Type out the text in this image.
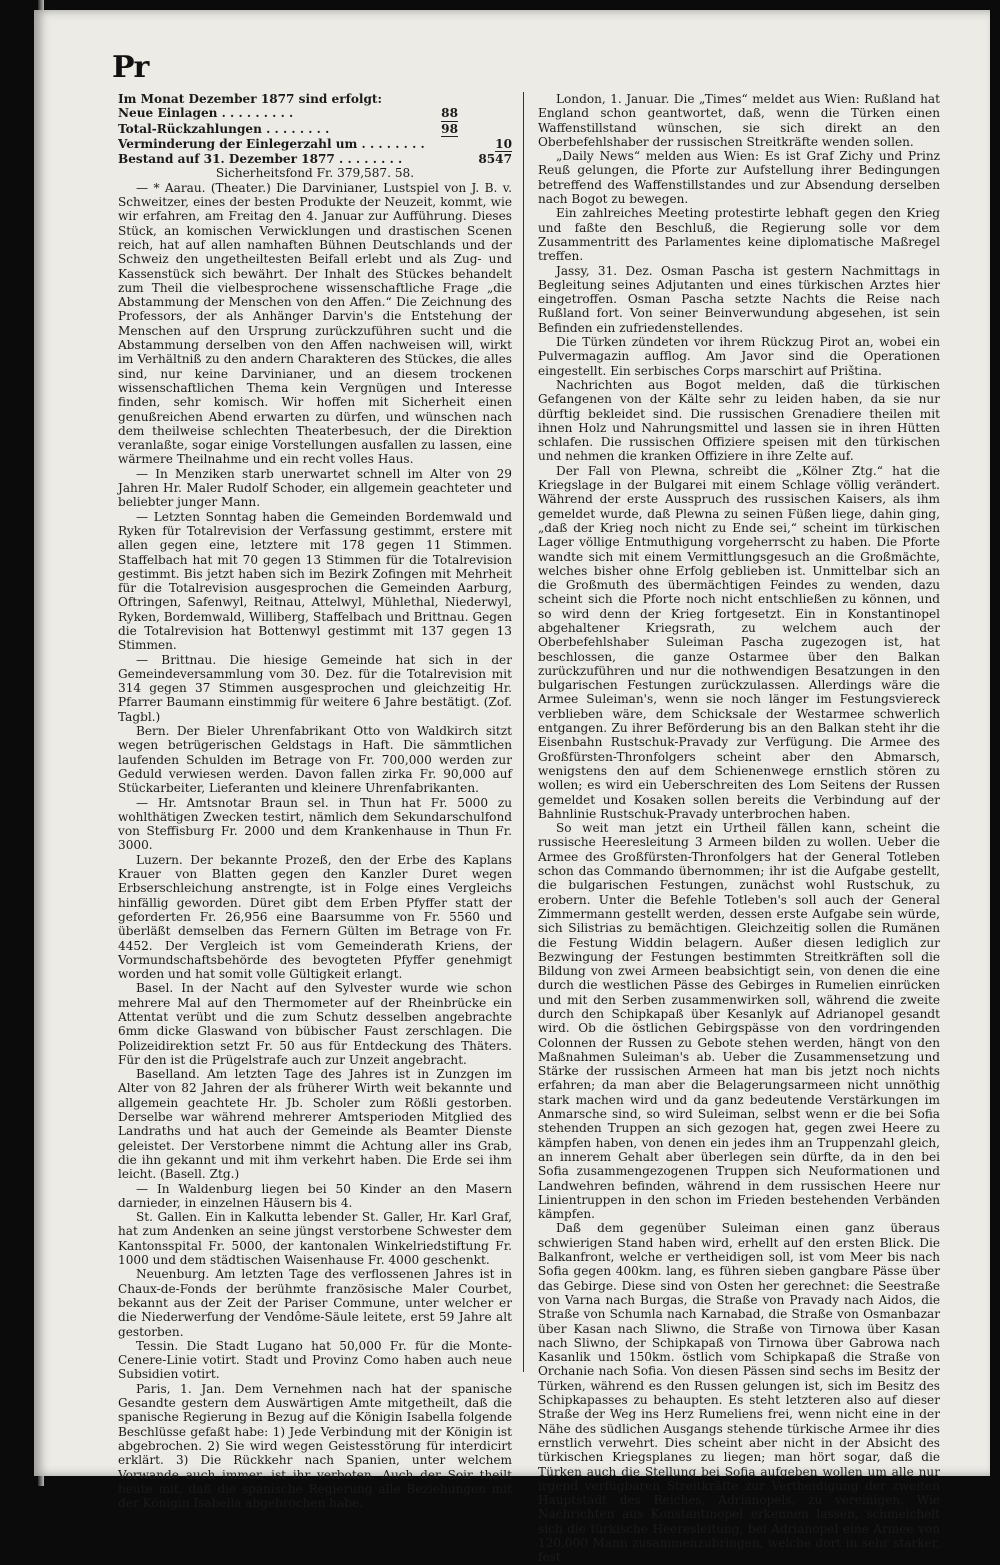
Pr
Im Monat Dezember 1877 sind erfolgt:
Neue Einlagen . . . . . . . . .	88
Total-Rückzahlungen . . . . . . . .	98
Verminderung der Einlegerzahl um . . . . . . . .	10
Bestand auf 31. Dezember 1877 . . . . . . . .	8547
Sicherheitsfond Fr. 379,587. 58.

— * Aarau. (Theater.) Die Darvinianer, Lustspiel von J. B. v. Schweitzer, eines der besten Produkte der Neuzeit, kommt, wie wir erfahren, am Freitag den 4. Januar zur Aufführung. Dieses Stück, an komischen Verwicklungen und drastischen Scenen reich, hat auf allen namhaften Bühnen Deutschlands und der Schweiz den ungetheiltesten Beifall erlebt und als Zug- und Kassenstück sich bewährt. Der Inhalt des Stückes behandelt zum Theil die vielbesprochene wissenschaftliche Frage „die Abstammung der Menschen von den Affen.“ Die Zeichnung des Professors, der als Anhänger Darvin's die Entstehung der Menschen auf den Ursprung zurückzuführen sucht und die Abstammung derselben von den Affen nachweisen will, wirkt im Verhältniß zu den andern Charakteren des Stückes, die alles sind, nur keine Darvinianer, und an diesem trockenen wissenschaftlichen Thema kein Vergnügen und Interesse finden, sehr komisch. Wir hoffen mit Sicherheit einen genußreichen Abend erwarten zu dürfen, und wünschen nach dem theilweise schlechten Theaterbesuch, der die Direktion veranlaßte, sogar einige Vorstellungen ausfallen zu lassen, eine wärmere Theilnahme und ein recht volles Haus.

— In Menziken starb unerwartet schnell im Alter von 29 Jahren Hr. Maler Rudolf Schoder, ein allgemein geachteter und beliebter junger Mann.

— Letzten Sonntag haben die Gemeinden Bordemwald und Ryken für Totalrevision der Verfassung gestimmt, erstere mit allen gegen eine, letztere mit 178 gegen 11 Stimmen. Staffelbach hat mit 70 gegen 13 Stimmen für die Totalrevision gestimmt. Bis jetzt haben sich im Bezirk Zofingen mit Mehrheit für die Totalrevision ausgesprochen die Gemeinden Aarburg, Oftringen, Safenwyl, Reitnau, Attelwyl, Mühlethal, Niederwyl, Ryken, Bordemwald, Williberg, Staffelbach und Brittnau. Gegen die Totalrevision hat Bottenwyl gestimmt mit 137 gegen 13 Stimmen.

— Brittnau. Die hiesige Gemeinde hat sich in der Gemeindeversammlung vom 30. Dez. für die Totalrevision mit 314 gegen 37 Stimmen ausgesprochen und gleichzeitig Hr. Pfarrer Baumann einstimmig für weitere 6 Jahre bestätigt. (Zof. Tagbl.)

Bern. Der Bieler Uhrenfabrikant Otto von Waldkirch sitzt wegen betrügerischen Geldstags in Haft. Die sämmtlichen laufenden Schulden im Betrage von Fr. 700,000 werden zur Geduld verwiesen werden. Davon fallen zirka Fr. 90,000 auf Stückarbeiter, Lieferanten und kleinere Uhrenfabrikanten.

— Hr. Amtsnotar Braun sel. in Thun hat Fr. 5000 zu wohlthätigen Zwecken testirt, nämlich dem Sekundarschulfond von Steffisburg Fr. 2000 und dem Krankenhause in Thun Fr. 3000.

Luzern. Der bekannte Prozeß, den der Erbe des Kaplans Krauer von Blatten gegen den Kanzler Duret wegen Erbserschleichung anstrengte, ist in Folge eines Vergleichs hinfällig geworden. Düret gibt dem Erben Pfyffer statt der geforderten Fr. 26,956 eine Baarsumme von Fr. 5560 und überläßt demselben das Fernern Gülten im Betrage von Fr. 4452. Der Vergleich ist vom Gemeinderath Kriens, der Vormundschaftsbehörde des bevogteten Pfyffer genehmigt worden und hat somit volle Gültigkeit erlangt.

Basel. In der Nacht auf den Sylvester wurde wie schon mehrere Mal auf den Thermometer auf der Rheinbrücke ein Attentat verübt und die zum Schutz desselben angebrachte 6mm dicke Glaswand von bübischer Faust zerschlagen. Die Polizeidirektion setzt Fr. 50 aus für Entdeckung des Thäters. Für den ist die Prügelstrafe auch zur Unzeit angebracht.

Baselland. Am letzten Tage des Jahres ist in Zunzgen im Alter von 82 Jahren der als früherer Wirth weit bekannte und allgemein geachtete Hr. Jb. Scholer zum Rößli gestorben. Derselbe war während mehrerer Amtsperioden Mitglied des Landraths und hat auch der Gemeinde als Beamter Dienste geleistet. Der Verstorbene nimmt die Achtung aller ins Grab, die ihn gekannt und mit ihm verkehrt haben. Die Erde sei ihm leicht. (Basell. Ztg.)

— In Waldenburg liegen bei 50 Kinder an den Masern darnieder, in einzelnen Häusern bis 4.

St. Gallen. Ein in Kalkutta lebender St. Galler, Hr. Karl Graf, hat zum Andenken an seine jüngst verstorbene Schwester dem Kantonsspital Fr. 5000, der kantonalen Winkelriedstiftung Fr. 1000 und dem städtischen Waisenhause Fr. 4000 geschenkt.

Neuenburg. Am letzten Tage des verflossenen Jahres ist in Chaux-de-Fonds der berühmte französische Maler Courbet, bekannt aus der Zeit der Pariser Commune, unter welcher er die Niederwerfung der Vendôme-Säule leitete, erst 59 Jahre alt gestorben.

Tessin. Die Stadt Lugano hat 50,000 Fr. für die Monte-Cenere-Linie votirt. Stadt und Provinz Como haben auch neue Subsidien votirt.

Paris, 1. Jan. Dem Vernehmen nach hat der spanische Gesandte gestern dem Auswärtigen Amte mitgetheilt, daß die spanische Regierung in Bezug auf die Königin Isabella folgende Beschlüsse gefaßt habe: 1) Jede Verbindung mit der Königin ist abgebrochen. 2) Sie wird wegen Geistesstörung für interdicirt erklärt. 3) Die Rückkehr nach Spanien, unter welchem Vorwande auch immer, ist ihr verboten. Auch der Soir theilt heute mit, daß die spanische Regierung alle Beziehungen mit der Königin Isabella abgebrochen habe.

London, 1. Januar. Die „Times“ meldet aus Wien: Rußland hat England schon geantwortet, daß, wenn die Türken einen Waffenstillstand wünschen, sie sich direkt an den Oberbefehlshaber der russischen Streitkräfte wenden sollen.

„Daily News“ melden aus Wien: Es ist Graf Zichy und Prinz Reuß gelungen, die Pforte zur Aufstellung ihrer Bedingungen betreffend des Waffenstillstandes und zur Absendung derselben nach Bogot zu bewegen.

Ein zahlreiches Meeting protestirte lebhaft gegen den Krieg und faßte den Beschluß, die Regierung solle vor dem Zusammentritt des Parlamentes keine diplomatische Maßregel treffen.

Jassy, 31. Dez. Osman Pascha ist gestern Nachmittags in Begleitung seines Adjutanten und eines türkischen Arztes hier eingetroffen. Osman Pascha setzte Nachts die Reise nach Rußland fort. Von seiner Beinverwundung abgesehen, ist sein Befinden ein zufriedenstellendes.

Die Türken zündeten vor ihrem Rückzug Pirot an, wobei ein Pulvermagazin aufflog. Am Javor sind die Operationen eingestellt. Ein serbisches Corps marschirt auf Priština.

Nachrichten aus Bogot melden, daß die türkischen Gefangenen von der Kälte sehr zu leiden haben, da sie nur dürftig bekleidet sind. Die russischen Grenadiere theilen mit ihnen Holz und Nahrungsmittel und lassen sie in ihren Hütten schlafen. Die russischen Offiziere speisen mit den türkischen und nehmen die kranken Offiziere in ihre Zelte auf.

Der Fall von Plewna, schreibt die „Kölner Ztg.“ hat die Kriegslage in der Bulgarei mit einem Schlage völlig verändert. Während der erste Ausspruch des russischen Kaisers, als ihm gemeldet wurde, daß Plewna zu seinen Füßen liege, dahin ging, „daß der Krieg noch nicht zu Ende sei,“ scheint im türkischen Lager völlige Entmuthigung vorgeherrscht zu haben. Die Pforte wandte sich mit einem Vermittlungsgesuch an die Großmächte, welches bisher ohne Erfolg geblieben ist. Unmittelbar sich an die Großmuth des übermächtigen Feindes zu wenden, dazu scheint sich die Pforte noch nicht entschließen zu können, und so wird denn der Krieg fortgesetzt. Ein in Konstantinopel abgehaltener Kriegsrath, zu welchem auch der Oberbefehlshaber Suleiman Pascha zugezogen ist, hat beschlossen, die ganze Ostarmee über den Balkan zurückzuführen und nur die nothwendigen Besatzungen in den bulgarischen Festungen zurückzulassen. Allerdings wäre die Armee Suleiman's, wenn sie noch länger im Festungsviereck verblieben wäre, dem Schicksale der Westarmee schwerlich entgangen. Zu ihrer Beförderung bis an den Balkan steht ihr die Eisenbahn Rustschuk-Pravady zur Verfügung. Die Armee des Großfürsten-Thronfolgers scheint aber den Abmarsch, wenigstens den auf dem Schienenwege ernstlich stören zu wollen; es wird ein Ueberschreiten des Lom Seitens der Russen gemeldet und Kosaken sollen bereits die Verbindung auf der Bahnlinie Rustschuk-Pravady unterbrochen haben.

So weit man jetzt ein Urtheil fällen kann, scheint die russische Heeresleitung 3 Armeen bilden zu wollen. Ueber die Armee des Großfürsten-Thronfolgers hat der General Totleben schon das Commando übernommen; ihr ist die Aufgabe gestellt, die bulgarischen Festungen, zunächst wohl Rustschuk, zu erobern. Unter die Befehle Totleben's soll auch der General Zimmermann gestellt werden, dessen erste Aufgabe sein würde, sich Silistrias zu bemächtigen. Gleichzeitig sollen die Rumänen die Festung Widdin belagern. Außer diesen lediglich zur Bezwingung der Festungen bestimmten Streitkräften soll die Bildung von zwei Armeen beabsichtigt sein, von denen die eine durch die westlichen Pässe des Gebirges in Rumelien einrücken und mit den Serben zusammenwirken soll, während die zweite durch den Schipkapaß über Kesanlyk auf Adrianopel gesandt wird. Ob die östlichen Gebirgspässe von den vordringenden Colonnen der Russen zu Gebote stehen werden, hängt von den Maßnahmen Suleiman's ab. Ueber die Zusammensetzung und Stärke der russischen Armeen hat man bis jetzt noch nichts erfahren; da man aber die Belagerungsarmeen nicht unnöthig stark machen wird und da ganz bedeutende Verstärkungen im Anmarsche sind, so wird Suleiman, selbst wenn er die bei Sofia stehenden Truppen an sich gezogen hat, gegen zwei Heere zu kämpfen haben, von denen ein jedes ihm an Truppenzahl gleich, an innerem Gehalt aber überlegen sein dürfte, da in den bei Sofia zusammengezogenen Truppen sich Neuformationen und Landwehren befinden, während in dem russischen Heere nur Linientruppen in den schon im Frieden bestehenden Verbänden kämpfen.

Daß dem gegenüber Suleiman einen ganz überaus schwierigen Stand haben wird, erhellt auf den ersten Blick. Die Balkanfront, welche er vertheidigen soll, ist vom Meer bis nach Sofia gegen 400km. lang, es führen sieben gangbare Pässe über das Gebirge. Diese sind von Osten her gerechnet: die Seestraße von Varna nach Burgas, die Straße von Pravady nach Aidos, die Straße von Schumla nach Karnabad, die Straße von Osmanbazar über Kasan nach Sliwno, die Straße von Tirnowa über Kasan nach Sliwno, der Schipkapaß von Tirnowa über Gabrowa nach Kasanlik und 150km. östlich vom Schipkapaß die Straße von Orchanie nach Sofia. Von diesen Pässen sind sechs im Besitz der Türken, während es den Russen gelungen ist, sich im Besitz des Schipkapasses zu behaupten. Es steht letzteren also auf dieser Straße der Weg ins Herz Rumeliens frei, wenn nicht eine in der Nähe des südlichen Ausgangs stehende türkische Armee ihr dies ernstlich verwehrt. Dies scheint aber nicht in der Absicht des türkischen Kriegsplanes zu liegen; man hört sogar, daß die Türken auch die Stellung bei Sofia aufgeben wollen um alle nur irgend verfügbaren Streitkräfte zur Vertheidigung der zweiten Hauptstadt des Reiches, Adrianopels, zu vereinigen. Wie Nachrichten aus Konstantinopel erkennen lassen, schmeichelt sich die türkische Heeresleitung, bei Adrianopel eine Armee von 120,000 Mann zusammenzubringen, welche dort in sehr starker, fest
